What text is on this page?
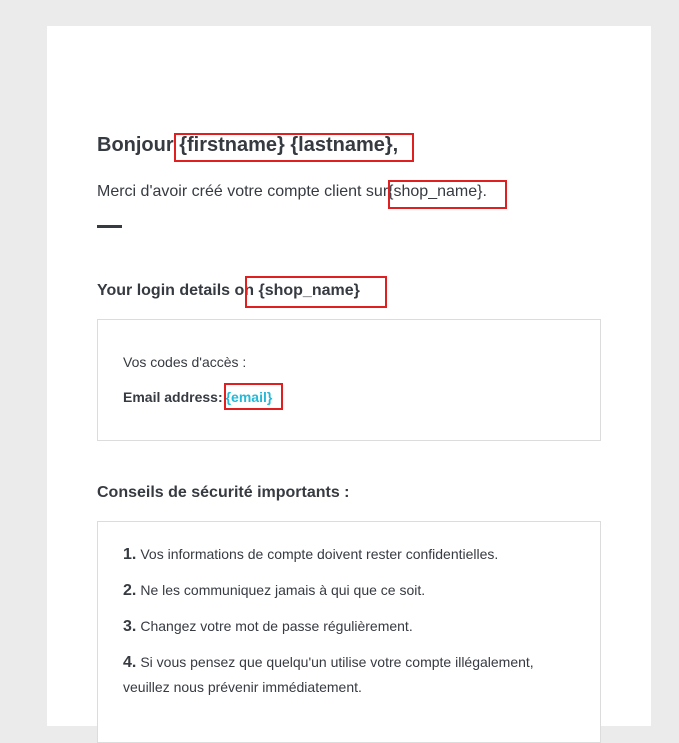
Bonjour {firstname} {lastname},
Merci d'avoir créé votre compte client sur{shop_name}.
Your login details on {shop_name}
Vos codes d'accès :
Email address: {email}
Conseils de sécurité importants :
1. Vos informations de compte doivent rester confidentielles.
2. Ne les communiquez jamais à qui que ce soit.
3. Changez votre mot de passe régulièrement.
4. Si vous pensez que quelqu'un utilise votre compte illégalement, veuillez nous prévenir immédiatement.
